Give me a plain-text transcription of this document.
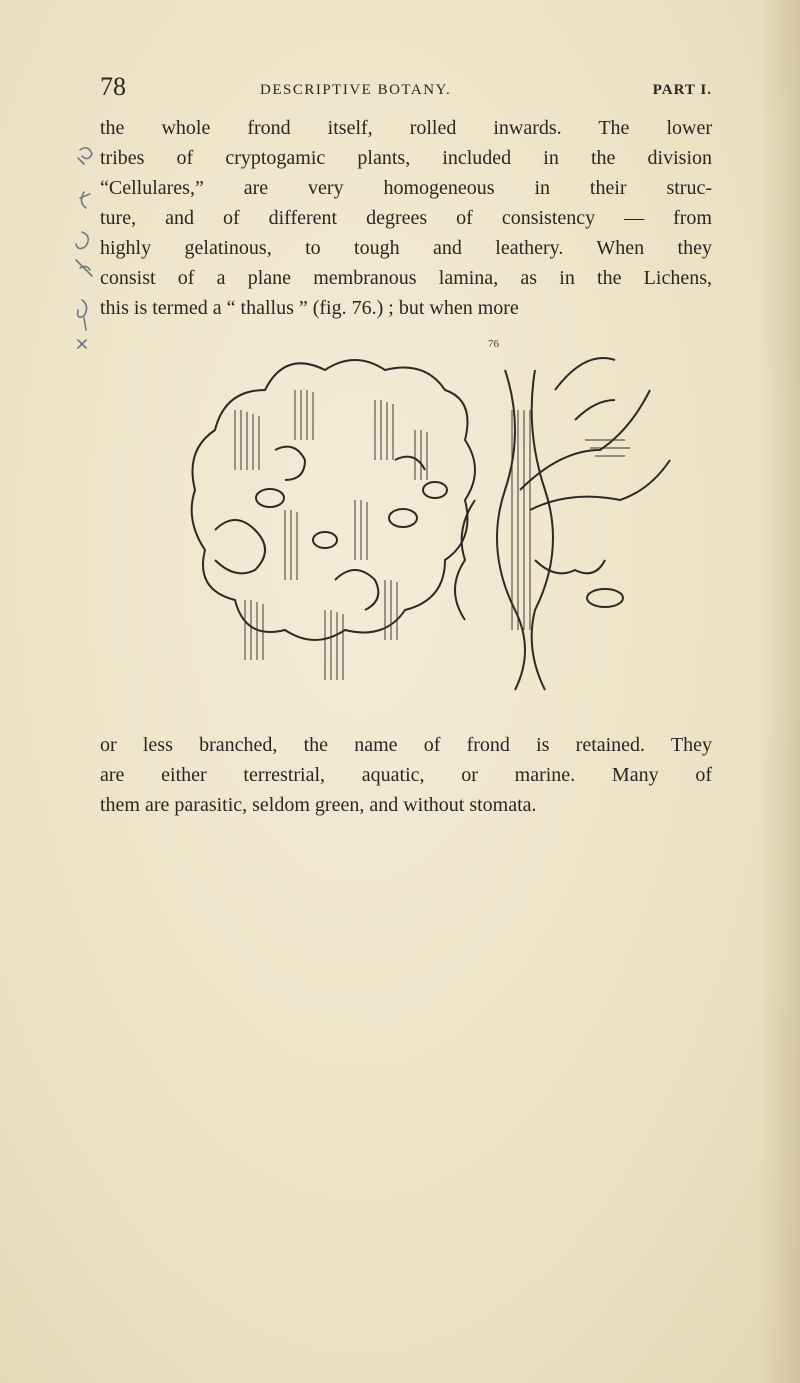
78	DESCRIPTIVE BOTANY.	PART I.

the whole frond itself, rolled inwards. The lower
tribes of cryptogamic plants, included in the division
“Cellulares,” are very homogeneous in their struc-
ture, and of different degrees of consistency — from
highly gelatinous, to tough and leathery. When they
consist of a plane membranous lamina, as in the Lichens,
this is termed a “ thallus ” (fig. 76.) ; but when more

76

or less branched, the name of frond is retained. They
are either terrestrial, aquatic, or marine. Many of
them are parasitic, seldom green, and without stomata.
